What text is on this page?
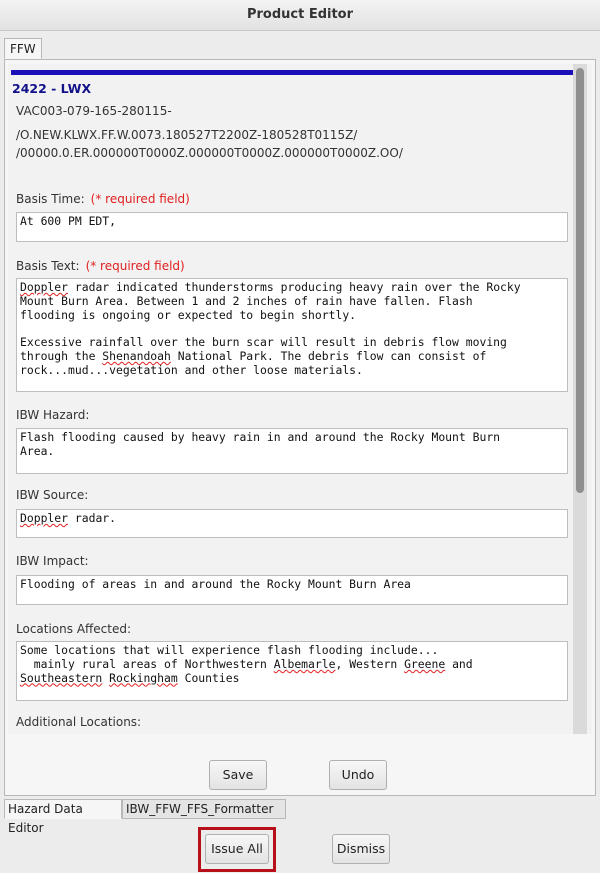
Product Editor
FFW
2422 - LWX
VAC003-079-165-280115-
/O.NEW.KLWX.FF.W.0073.180527T2200Z-180528T0115Z/
/00000.0.ER.000000T0000Z.000000T0000Z.000000T0000Z.OO/
Basis Time: (* required field)
At 600 PM EDT,
Basis Text: (* required field)
Doppler radar indicated thunderstorms producing heavy rain over the Rocky
Mount Burn Area. Between 1 and 2 inches of rain have fallen. Flash
flooding is ongoing or expected to begin shortly.
Excessive rainfall over the burn scar will result in debris flow moving
through the Shenandoah National Park. The debris flow can consist of
rock...mud...vegetation and other loose materials.
IBW Hazard:
Flash flooding caused by heavy rain in and around the Rocky Mount Burn
Area.
IBW Source:
Doppler radar.
IBW Impact:
Flooding of areas in and around the Rocky Mount Burn Area
Locations Affected:
Some locations that will experience flash flooding include...
mainly rural areas of Northwestern Albemarle, Western Greene and
Southeastern Rockingham Counties
Additional Locations:
Save	Undo
Hazard Data Editor
IBW_FFW_FFS_Formatter
Issue All	Dismiss
